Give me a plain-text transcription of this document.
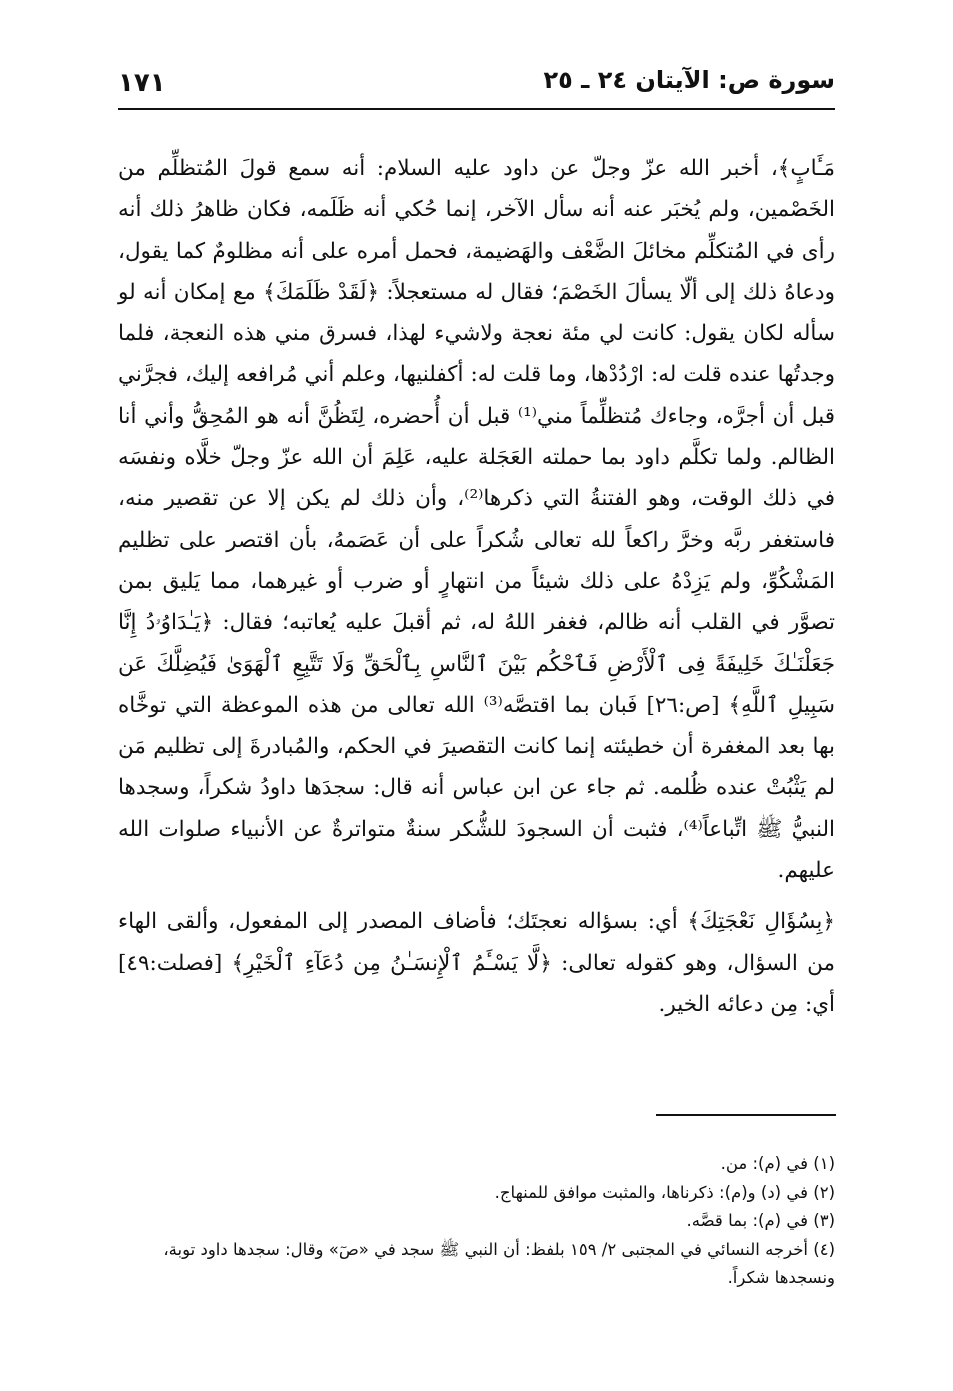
سورة ص: الآيتان ٢٤ ـ ٢٥
١٧١

مَـَٔابٍ﴾، أخبر الله عزّ وجلّ عن داود عليه السلام: أنه سمع قولَ المُتظلِّم من الخَصْمين، ولم يُخبَر عنه أنه سأل الآخر، إنما حُكي أنه ظَلَمه، فكان ظاهرُ ذلك أنه رأى في المُتكلِّم مخائلَ الضَّعْف والهَضيمة، فحمل أمره على أنه مظلومٌ كما يقول، ودعاهُ ذلك إلى ألّا يسألَ الخَصْمَ؛ فقال له مستعجلاً: ﴿لَقَدْ ظَلَمَكَ﴾ مع إمكان أنه لو سأله لكان يقول: كانت لي مئة نعجة ولاشيء لهذا، فسرق مني هذه النعجة، فلما وجدتُها عنده قلت له: ارْدُدْها، وما قلت له: أكفلنيها، وعلم أني مُرافعه إليك، فجرَّني قبل أن أجرَّه، وجاءك مُتظلِّماً مني⁽¹⁾ قبل أن أُحضره، لِتَظُنَّ أنه هو المُحِقُّ وأني أنا الظالم. ولما تكلَّم داود بما حملته العَجَلة عليه، عَلِمَ أن الله عزّ وجلّ خلَّاه ونفسَه في ذلك الوقت، وهو الفتنةُ التي ذكرها⁽²⁾، وأن ذلك لم يكن إلا عن تقصير منه، فاستغفر ربَّه وخرَّ راكعاً لله تعالى شُكراً على أن عَصَمهُ، بأن اقتصر على تظليم المَشْكُوِّ، ولم يَزِدْهُ على ذلك شيئاً من انتهارٍ أو ضرب أو غيرهما، مما يَليق بمن تصوَّر في القلب أنه ظالم، فغفر اللهُ له، ثم أقبلَ عليه يُعاتبه؛ فقال: ﴿يَـٰدَاوُۥدُ إِنَّا جَعَلْنَـٰكَ خَلِيفَةً فِى ٱلْأَرْضِ فَٱحْكُم بَيْنَ ٱلنَّاسِ بِٱلْحَقِّ وَلَا تَتَّبِعِ ٱلْهَوَىٰ فَيُضِلَّكَ عَن سَبِيلِ ٱللَّهِ﴾ [ص:٢٦] فَبان بما اقتصَّه⁽³⁾ الله تعالى من هذه الموعظة التي توخَّاه بها بعد المغفرة أن خطيئته إنما كانت التقصيرَ في الحكم، والمُبادرةَ إلى تظليم مَن لم يَثْبُتْ عنده ظُلمه. ثم جاء عن ابن عباس أنه قال: سجدَها داودُ شكراً، وسجدها النبيُّ ﷺ اتِّباعاً⁽⁴⁾، فثبت أن السجودَ للشُّكر سنةٌ متواترةٌ عن الأنبياء صلوات الله عليهم.

﴿بِسُؤَالِ نَعْجَتِكَ﴾ أي: بسؤاله نعجتَك؛ فأضاف المصدر إلى المفعول، وألقى الهاء من السؤال، وهو كقوله تعالى: ﴿لَّا يَسْـَٔمُ ٱلْإِنسَـٰنُ مِن دُعَآءِ ٱلْخَيْرِ﴾ [فصلت:٤٩] أي: مِن دعائه الخير.

(١) في (م): من.

(٢) في (د) و(م): ذكرناها، والمثبت موافق للمنهاج.

(٣) في (م): بما قصَّه.

(٤) أخرجه النسائي في المجتبى ٢/ ١٥٩ بلفظ: أن النبي ﷺ سجد في «صٓ» وقال: سجدها داود توبة، ونسجدها شكراً.
